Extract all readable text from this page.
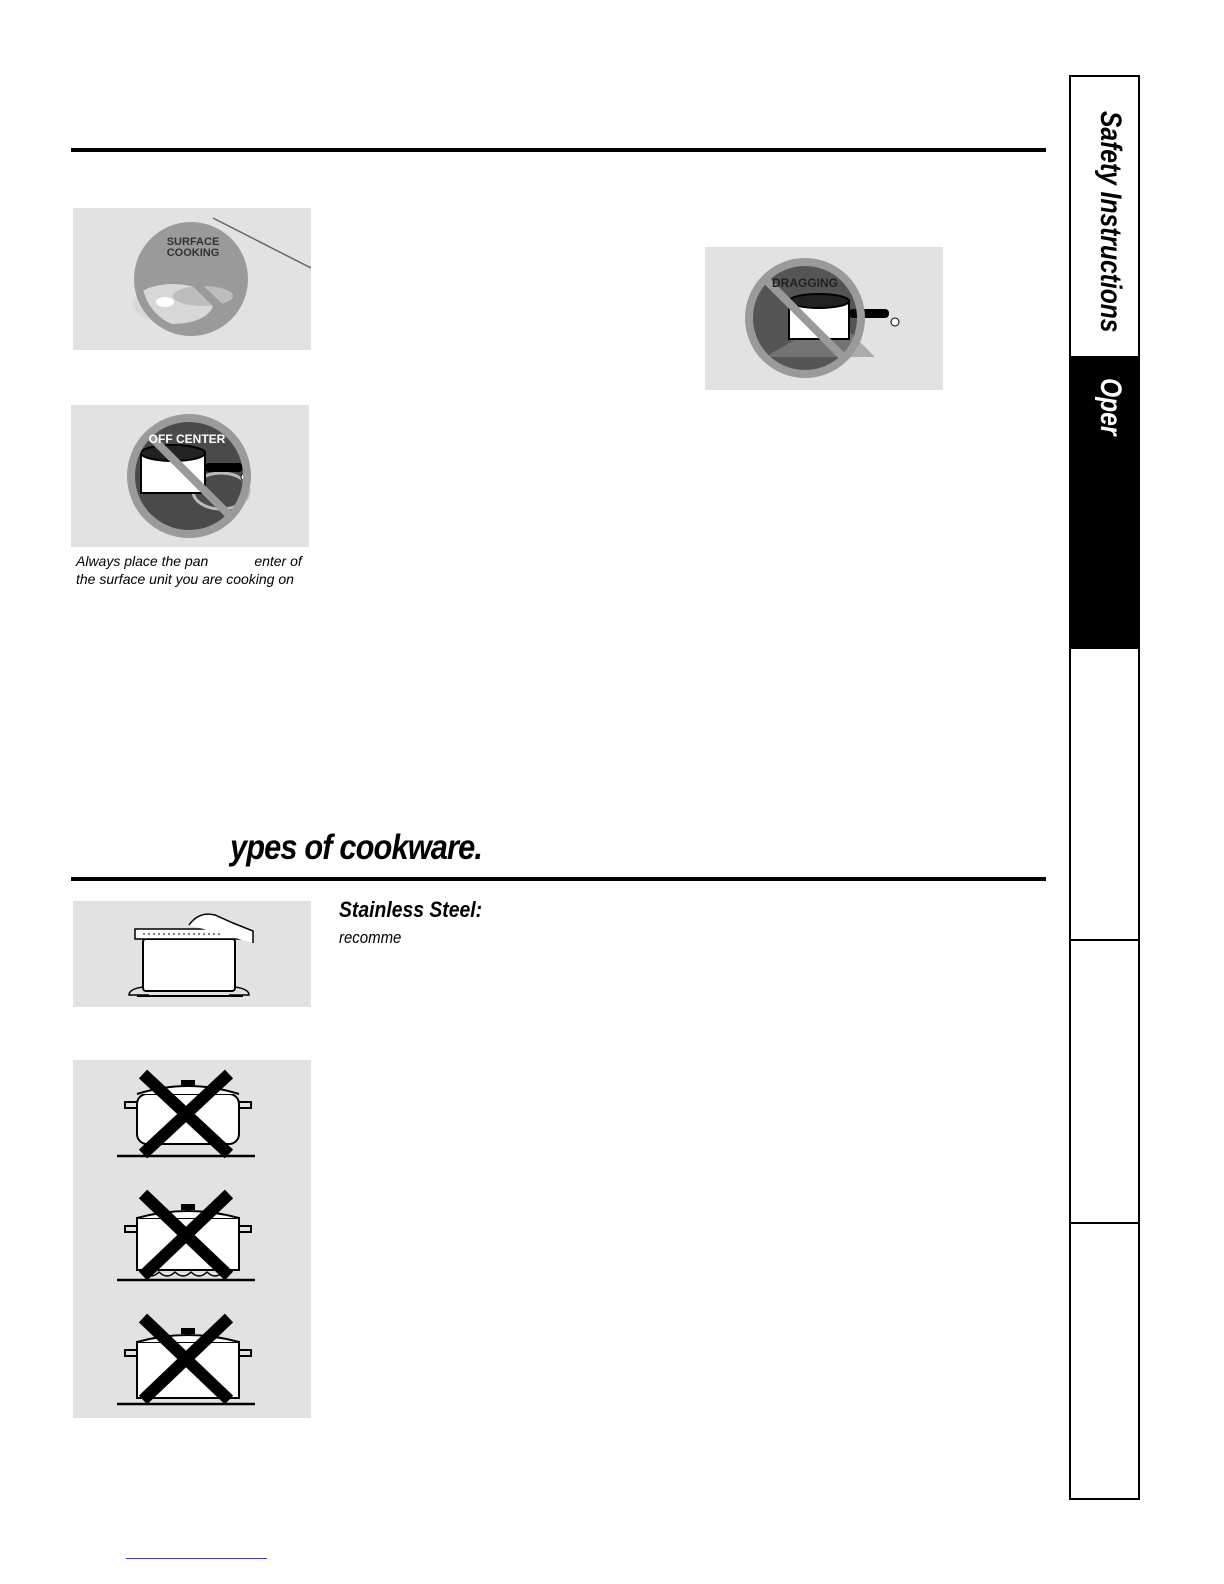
SURFACE
COOKING
OFF CENTER
Always place the pan	enter of
the surface unit you are cooking on
DRAGGING
ypes of cookware.
Stainless Steel:
recomme
Safety Instructions
Oper
